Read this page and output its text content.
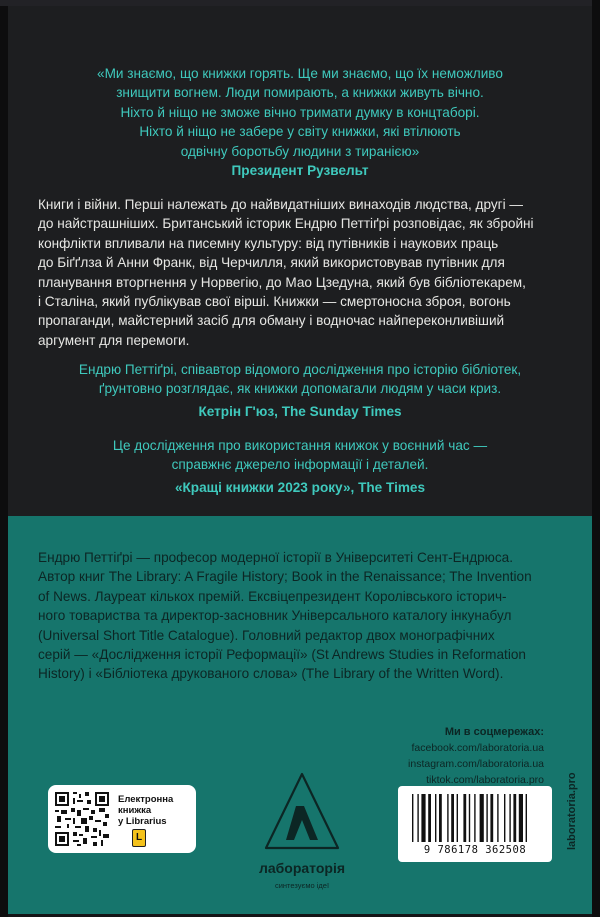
«Ми знаємо, що книжки горять. Ще ми знаємо, що їх неможливо
знищити вогнем. Люди помирають, а книжки живуть вічно.
Ніхто й ніщо не зможе вічно тримати думку в концтаборі.
Ніхто й ніщо не забере у світу книжки, які втілюють
одвічну боротьбу людини з тиранією»
Президент Рузвельт
Книги і війни. Перші належать до найвидатніших винаходів людства, другі —
до найстрашніших. Британський історик Ендрю Петтіґрі розповідає, як збройні
конфлікти впливали на писемну культуру: від путівників і наукових праць
до Біґґлза й Анни Франк, від Черчилля, який використовував путівник для
планування вторгнення у Норвегію, до Мао Цзедуна, який був бібліотекарем,
і Сталіна, який публікував свої вірші. Книжки — смертоносна зброя, вогонь
пропаганди, майстерний засіб для обману і водночас найпереконливіший
аргумент для перемоги.
Ендрю Петтіґрі, співавтор відомого дослідження про історію бібліотек,
ґрунтовно розглядає, як книжки допомагали людям у часи криз.
Кетрін Г'юз, The Sunday Times
Це дослідження про використання книжок у воєнний час —
справжнє джерело інформації і деталей.
«Кращі книжки 2023 року», The Times
Ендрю Петтіґрі — професор модерної історії в Університеті Сент-Ендрюса.
Автор книг The Library: A Fragile History; Book in the Renaissance; The Invention
of News. Лауреат кількох премій. Ексвіцепрезидент Королівського історич-
ного товариства та директор-засновник Універсального каталогу інкунабул
(Universal Short Title Catalogue). Головний редактор двох монографічних
серій — «Дослідження історії Реформації» (St Andrews Studies in Reformation
History) і «Бібліотека друкованого слова» (The Library of the Written Word).
Ми в соцмережах:
facebook.com/laboratoria.ua
instagram.com/laboratoria.ua
tiktok.com/laboratoria.pro laboratoria.pro
Електронна
книжка
у Librarius
L
лабораторія
синтезуємо ідеї
9 786178 362508
